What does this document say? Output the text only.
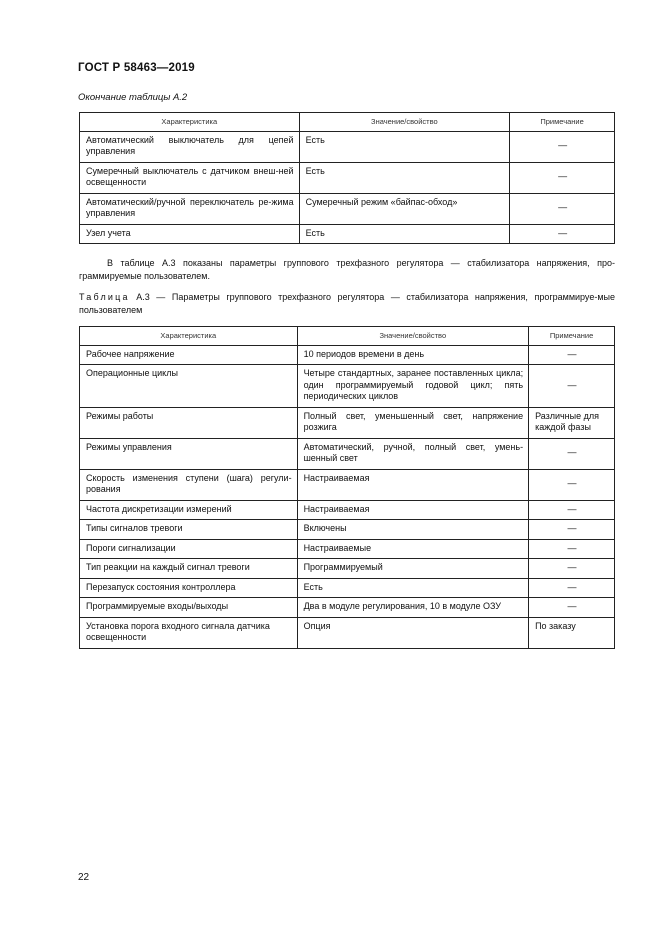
ГОСТ Р 58463—2019
Окончание таблицы А.2
Характеристика	Значение/свойство	Примечание
Автоматический выключатель для цепей управления	Есть	—
Сумеречный выключатель с датчиком внеш-ней освещенности	Есть	—
Автоматический/ручной переключатель ре-жима управления	Сумеречный режим «байпас-обход»	—
Узел учета	Есть	—
В таблице А.3 показаны параметры группового трехфазного регулятора — стабилизатора напряжения, про-граммируемые пользователем.
Таблица А.3 — Параметры группового трехфазного регулятора — стабилизатора напряжения, программируе-мые пользователем
Характеристика	Значение/свойство	Примечание
Рабочее напряжение	10 периодов времени в день	—
Операционные циклы	Четыре стандартных, заранее поставленных цикла; один программируемый годовой цикл; пять периодических циклов	—
Режимы работы	Полный свет, уменьшенный свет, напряжение розжига	Различные для каждой фазы
Режимы управления	Автоматический, ручной, полный свет, умень-шенный свет	—
Скорость изменения ступени (шага) регули-рования	Настраиваемая	—
Частота дискретизации измерений	Настраиваемая	—
Типы сигналов тревоги	Включены	—
Пороги сигнализации	Настраиваемые	—
Тип реакции на каждый сигнал тревоги	Программируемый	—
Перезапуск состояния контроллера	Есть	—
Программируемые входы/выходы	Два в модуле регулирования, 10 в модуле ОЗУ	—
Установка порога входного сигнала датчика освещенности	Опция	По заказу
22
